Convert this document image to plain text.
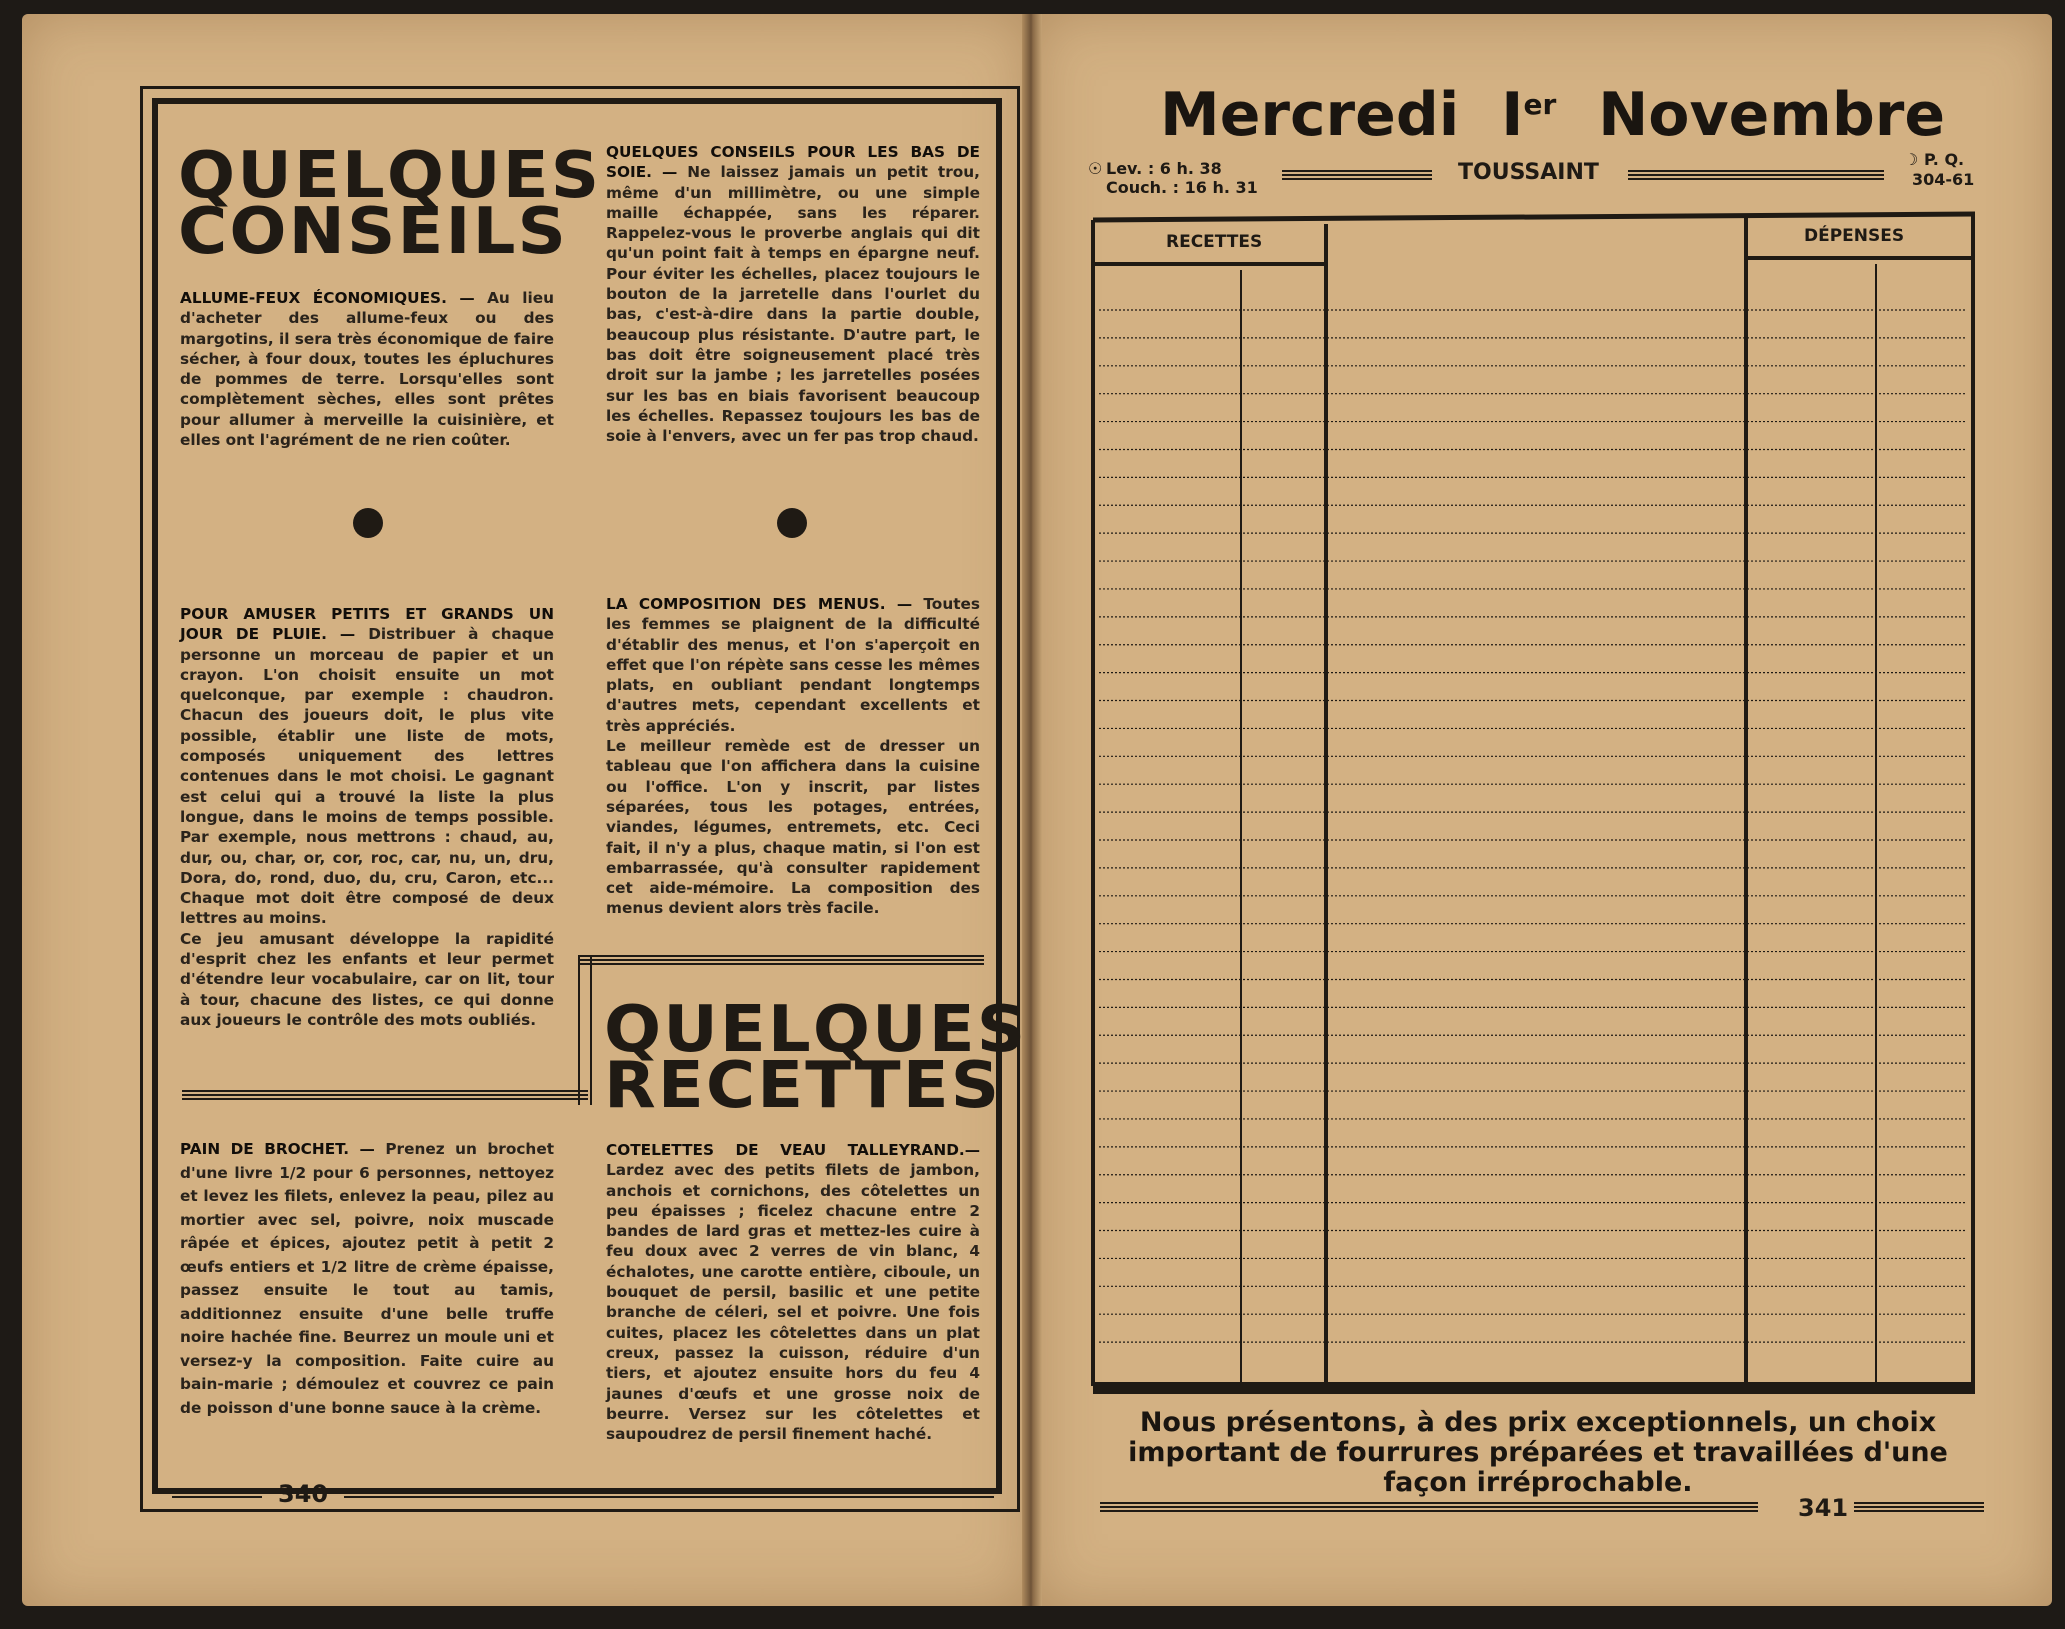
QUELQUES
CONSEILS

ALLUME-FEUX ÉCONOMIQUES. — Au lieu d'acheter des allume-feux ou des margotins, il sera très économique de faire sécher, à four doux, toutes les épluchures de pommes de terre. Lorsqu'elles sont complètement sèches, elles sont prêtes pour allumer à merveille la cuisinière, et elles ont l'agrément de ne rien coûter.

QUELQUES CONSEILS POUR LES BAS DE SOIE. — Ne laissez jamais un petit trou, même d'un millimètre, ou une simple maille échappée, sans les réparer. Rappelez-vous le proverbe anglais qui dit qu'un point fait à temps en épargne neuf. Pour éviter les échelles, placez toujours le bouton de la jarretelle dans l'ourlet du bas, c'est-à-dire dans la partie double, beaucoup plus résistante. D'autre part, le bas doit être soigneusement placé très droit sur la jambe ; les jarretelles posées sur les bas en biais favorisent beaucoup les échelles. Repassez toujours les bas de soie à l'envers, avec un fer pas trop chaud.

POUR AMUSER PETITS ET GRANDS UN JOUR DE PLUIE. — Distribuer à chaque personne un morceau de papier et un crayon. L'on choisit ensuite un mot quelconque, par exemple : chaudron. Chacun des joueurs doit, le plus vite possible, établir une liste de mots, composés uniquement des lettres contenues dans le mot choisi. Le gagnant est celui qui a trouvé la liste la plus longue, dans le moins de temps possible. Par exemple, nous mettrons : chaud, au, dur, ou, char, or, cor, roc, car, nu, un, dru, Dora, do, rond, duo, du, cru, Caron, etc... Chaque mot doit être composé de deux lettres au moins.
Ce jeu amusant développe la rapidité d'esprit chez les enfants et leur permet d'étendre leur vocabulaire, car on lit, tour à tour, chacune des listes, ce qui donne aux joueurs le contrôle des mots oubliés.
LA COMPOSITION DES MENUS. — Toutes les femmes se plaignent de la difficulté d'établir des menus, et l'on s'aperçoit en effet que l'on répète sans cesse les mêmes plats, en oubliant pendant longtemps d'autres mets, cependant excellents et très appréciés.
Le meilleur remède est de dresser un tableau que l'on affichera dans la cuisine ou l'office. L'on y inscrit, par listes séparées, tous les potages, entrées, viandes, légumes, entremets, etc. Ceci fait, il n'y a plus, chaque matin, si l'on est embarrassée, qu'à consulter rapidement cet aide-mémoire. La composition des menus devient alors très facile.
QUELQUES
RECETTES

PAIN DE BROCHET. — Prenez un brochet d'une livre 1/2 pour 6 personnes, nettoyez et levez les filets, enlevez la peau, pilez au mortier avec sel, poivre, noix muscade râpée et épices, ajoutez petit à petit 2 œufs entiers et 1/2 litre de crème épaisse, passez ensuite le tout au tamis, additionnez ensuite d'une belle truffe noire hachée fine. Beurrez un moule uni et versez-y la composition. Faite cuire au bain-marie ; démoulez et couvrez ce pain de poisson d'une bonne sauce à la crème.

COTELETTES DE VEAU TALLEYRAND.— Lardez avec des petits filets de jambon, anchois et cornichons, des côtelettes un peu épaisses ; ficelez chacune entre 2 bandes de lard gras et mettez-les cuire à feu doux avec 2 verres de vin blanc, 4 échalotes, une carotte entière, ciboule, un bouquet de persil, basilic et une petite branche de céleri, sel et poivre. Une fois cuites, placez les côtelettes dans un plat creux, passez la cuisson, réduire d'un tiers, et ajoutez ensuite hors du feu 4 jaunes d'œufs et une grosse noix de beurre. Versez sur les côtelettes et saupoudrez de persil finement haché.

340
Mercredi Ier Novembre
☉ Lev. : 6 h. 38
Couch. : 16 h. 31
TOUSSAINT
☽ P. Q.
304-61
RECETTES	DÉPENSES

Nous présentons, à des prix exceptionnels, un choix important de fourrures préparées et travaillées d'une façon irréprochable.

341
